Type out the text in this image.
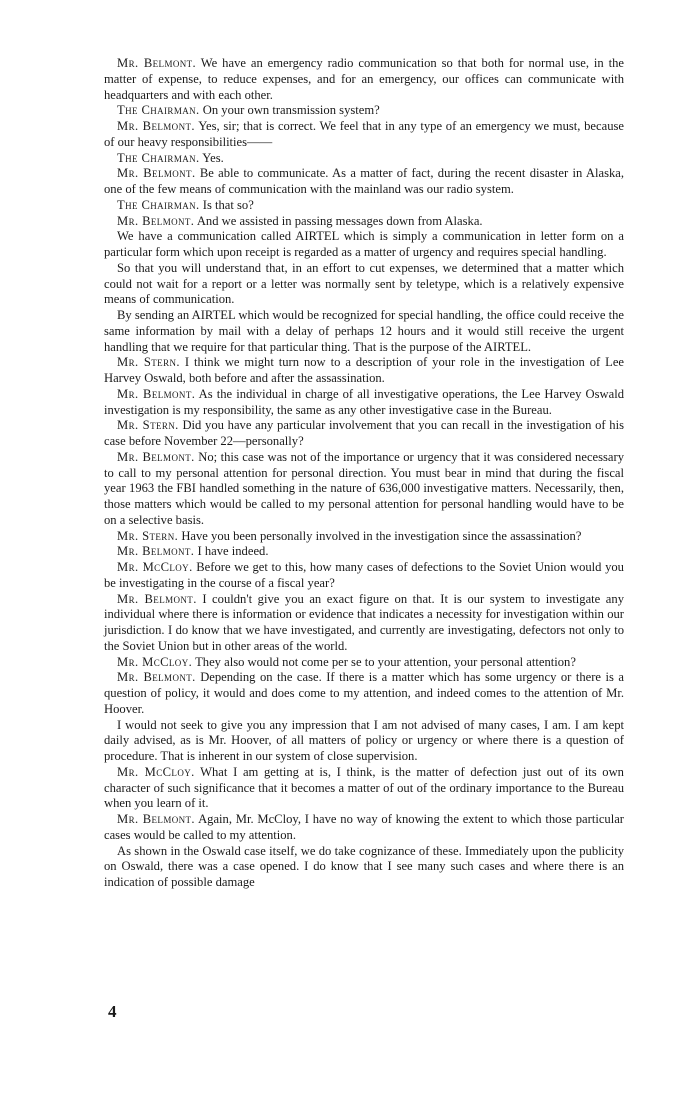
Mr. Belmont. We have an emergency radio communication so that both for normal use, in the matter of expense, to reduce expenses, and for an emergency, our offices can communicate with headquarters and with each other.

The Chairman. On your own transmission system?

Mr. Belmont. Yes, sir; that is correct. We feel that in any type of an emergency we must, because of our heavy responsibilities——

The Chairman. Yes.

Mr. Belmont. Be able to communicate. As a matter of fact, during the recent disaster in Alaska, one of the few means of communication with the mainland was our radio system.

The Chairman. Is that so?

Mr. Belmont. And we assisted in passing messages down from Alaska.

We have a communication called AIRTEL which is simply a communication in letter form on a particular form which upon receipt is regarded as a matter of urgency and requires special handling.

So that you will understand that, in an effort to cut expenses, we determined that a matter which could not wait for a report or a letter was normally sent by teletype, which is a relatively expensive means of communication.

By sending an AIRTEL which would be recognized for special handling, the office could receive the same information by mail with a delay of perhaps 12 hours and it would still receive the urgent handling that we require for that particular thing. That is the purpose of the AIRTEL.

Mr. Stern. I think we might turn now to a description of your role in the investigation of Lee Harvey Oswald, both before and after the assassination.

Mr. Belmont. As the individual in charge of all investigative operations, the Lee Harvey Oswald investigation is my responsibility, the same as any other investigative case in the Bureau.

Mr. Stern. Did you have any particular involvement that you can recall in the investigation of his case before November 22—personally?

Mr. Belmont. No; this case was not of the importance or urgency that it was considered necessary to call to my personal attention for personal direction. You must bear in mind that during the fiscal year 1963 the FBI handled something in the nature of 636,000 investigative matters. Necessarily, then, those matters which would be called to my personal attention for personal handling would have to be on a selective basis.

Mr. Stern. Have you been personally involved in the investigation since the assassination?

Mr. Belmont. I have indeed.

Mr. McCloy. Before we get to this, how many cases of defections to the Soviet Union would you be investigating in the course of a fiscal year?

Mr. Belmont. I couldn't give you an exact figure on that. It is our system to investigate any individual where there is information or evidence that indicates a necessity for investigation within our jurisdiction. I do know that we have investigated, and currently are investigating, defectors not only to the Soviet Union but in other areas of the world.

Mr. McCloy. They also would not come per se to your attention, your personal attention?

Mr. Belmont. Depending on the case. If there is a matter which has some urgency or there is a question of policy, it would and does come to my attention, and indeed comes to the attention of Mr. Hoover.

I would not seek to give you any impression that I am not advised of many cases, I am. I am kept daily advised, as is Mr. Hoover, of all matters of policy or urgency or where there is a question of procedure. That is inherent in our system of close supervision.

Mr. McCloy. What I am getting at is, I think, is the matter of defection just out of its own character of such significance that it becomes a matter of out of the ordinary importance to the Bureau when you learn of it.

Mr. Belmont. Again, Mr. McCloy, I have no way of knowing the extent to which those particular cases would be called to my attention.

As shown in the Oswald case itself, we do take cognizance of these. Immediately upon the publicity on Oswald, there was a case opened. I do know that I see many such cases and where there is an indication of possible damage

4
